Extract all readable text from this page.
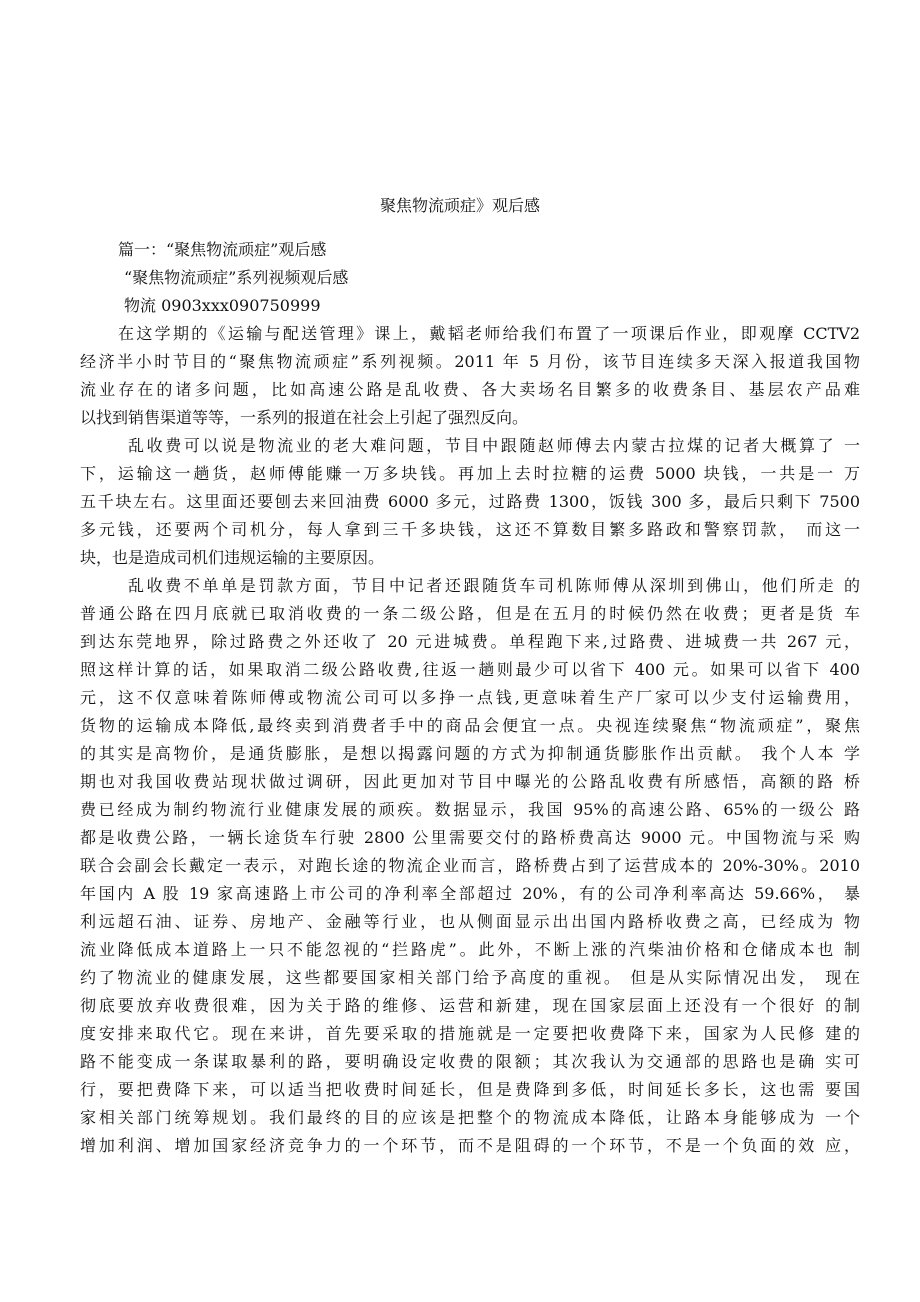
聚焦物流顽症》观后感
篇一：“聚焦物流顽症”观后感
“聚焦物流顽症”系列视频观后感
物流 0903xxx090750999
在这学期的《运输与配送管理》课上，戴韬老师给我们布置了一项课后作业，即观摩 CCTV2
经济半小时节目的“聚焦物流顽症”系列视频。2011 年 5 月份，该节目连续多天深入报道我国物
流业存在的诸多问题，比如高速公路是乱收费、各大卖场名目繁多的收费条目、基层农产品难
以找到销售渠道等等，一系列的报道在社会上引起了强烈反向。
乱收费可以说是物流业的老大难问题，节目中跟随赵师傅去内蒙古拉煤的记者大概算了 一
下，运输这一趟货，赵师傅能赚一万多块钱。再加上去时拉糖的运费 5000 块钱，一共是一 万
五千块左右。这里面还要刨去来回油费 6000 多元，过路费 1300，饭钱 300 多，最后只剩下 7500
多元钱，还要两个司机分，每人拿到三千多块钱，这还不算数目繁多路政和警察罚款， 而这一
块，也是造成司机们违规运输的主要原因。
乱收费不单单是罚款方面，节目中记者还跟随货车司机陈师傅从深圳到佛山，他们所走 的
普通公路在四月底就已取消收费的一条二级公路，但是在五月的时候仍然在收费；更者是货 车
到达东莞地界，除过路费之外还收了 20 元进城费。单程跑下来,过路费、进城费一共 267 元，
照这样计算的话，如果取消二级公路收费,往返一趟则最少可以省下 400 元。如果可以省下 400
元，这不仅意味着陈师傅或物流公司可以多挣一点钱,更意味着生产厂家可以少支付运输费用，
货物的运输成本降低,最终卖到消费者手中的商品会便宜一点。央视连续聚焦“物流顽症”，聚焦
的其实是高物价，是通货膨胀，是想以揭露问题的方式为抑制通货膨胀作出贡献。 我个人本 学
期也对我国收费站现状做过调研，因此更加对节目中曝光的公路乱收费有所感悟，高额的路 桥
费已经成为制约物流行业健康发展的顽疾。数据显示，我国 95%的高速公路、65%的一级公 路
都是收费公路，一辆长途货车行驶 2800 公里需要交付的路桥费高达 9000 元。中国物流与采 购
联合会副会长戴定一表示，对跑长途的物流企业而言，路桥费占到了运营成本的 20%-30%。2010
年国内 A 股 19 家高速路上市公司的净利率全部超过 20%，有的公司净利率高达 59.66%， 暴
利远超石油、证券、房地产、金融等行业，也从侧面显示出出国内路桥收费之高，已经成为 物
流业降低成本道路上一只不能忽视的“拦路虎”。此外，不断上涨的汽柴油价格和仓储成本也 制
约了物流业的健康发展，这些都要国家相关部门给予高度的重视。 但是从实际情况出发， 现在
彻底要放弃收费很难，因为关于路的维修、运营和新建，现在国家层面上还没有一个很好 的制
度安排来取代它。现在来讲，首先要采取的措施就是一定要把收费降下来，国家为人民修 建的
路不能变成一条谋取暴利的路，要明确设定收费的限额；其次我认为交通部的思路也是确 实可
行，要把费降下来，可以适当把收费时间延长，但是费降到多低，时间延长多长，这也需 要国
家相关部门统筹规划。我们最终的目的应该是把整个的物流成本降低，让路本身能够成为 一个
增加利润、增加国家经济竞争力的一个环节，而不是阻碍的一个环节，不是一个负面的效 应，
